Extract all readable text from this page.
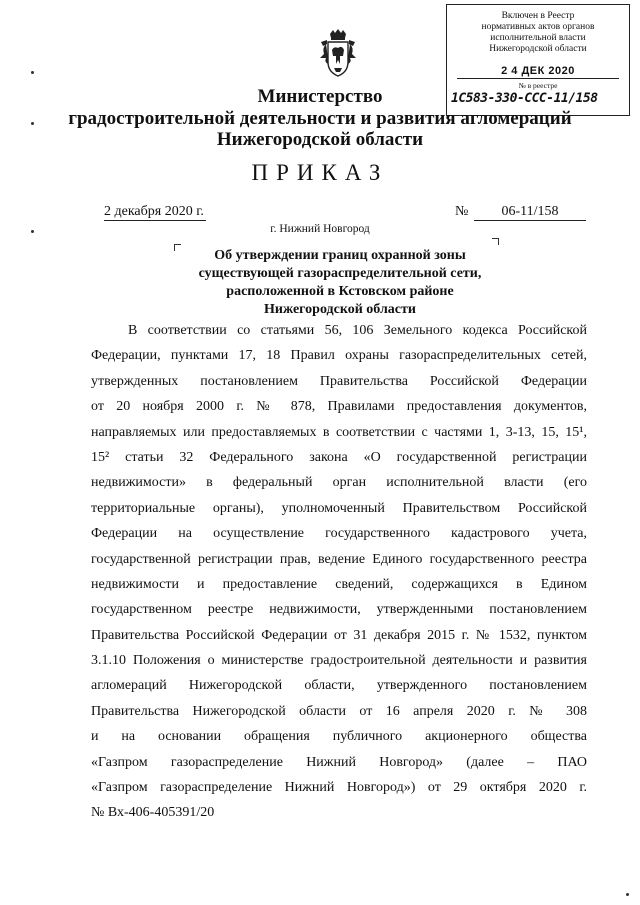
Включен в Реестр
нормативных актов органов
исполнительной власти
Нижегородской области
2 4 ДЕК 2020
№ в реестре
1С583-330-ССС-11/158
Министерство
градостроительной деятельности и развития агломераций
Нижегородской области
ПРИКАЗ
2 декабря 2020 г.	№	06-11/158
г. Нижний Новгород
Об утверждении границ охранной зоны
существующей газораспределительной сети,
расположенной в Кстовском районе
Нижегородской области
В соответствии со статьями 56, 106 Земельного кодекса Российской
Федерации, пунктами 17, 18 Правил охраны газораспределительных сетей,
утвержденных постановлением Правительства Российской Федерации
от 20 ноября 2000 г. № 878, Правилами предоставления документов,
направляемых или предоставляемых в соответствии с частями 1, 3-13, 15, 15¹,
15² статьи 32 Федерального закона «О государственной регистрации
недвижимости» в федеральный орган исполнительной власти (его
территориальные органы), уполномоченный Правительством Российской
Федерации на осуществление государственного кадастрового учета,
государственной регистрации прав, ведение Единого государственного реестра
недвижимости и предоставление сведений, содержащихся в Едином
государственном реестре недвижимости, утвержденными постановлением
Правительства Российской Федерации от 31 декабря 2015 г. № 1532, пунктом
3.1.10 Положения о министерстве градостроительной деятельности и развития
агломераций Нижегородской области, утвержденного постановлением
Правительства Нижегородской области от 16 апреля 2020 г. № 308
и на основании обращения публичного акционерного общества
«Газпром газораспределение Нижний Новгород» (далее – ПАО
«Газпром газораспределение Нижний Новгород») от 29 октября 2020 г.
№ Вх-406-405391/20
